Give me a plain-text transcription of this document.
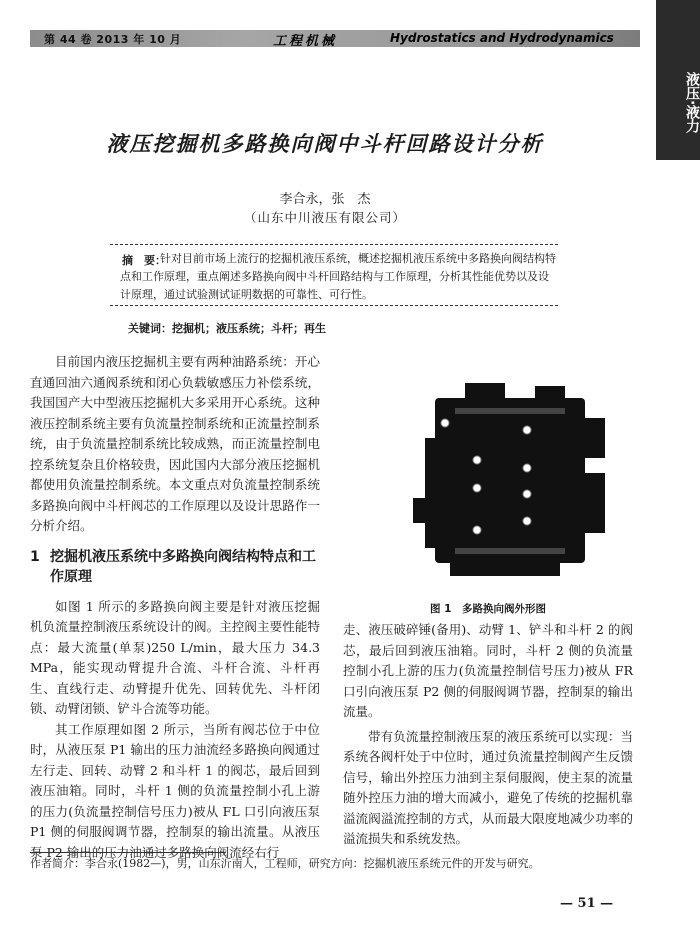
第 44 卷 2013 年 10 月	工程机械	Hydrostatics and Hydrodynamics
液压·液力
液压挖掘机多路换向阀中斗杆回路设计分析
李合永，张　杰
（山东中川液压有限公司）
摘　要：
针对目前市场上流行的挖掘机液压系统，概述挖掘机液压系统中多路换向阀结构特点和工作原理，重点阐述多路换向阀中斗杆回路结构与工作原理，分析其性能优势以及设计原理，通过试验测试证明数据的可靠性、可行性。
关键词：挖掘机；液压系统；斗杆；再生

目前国内液压挖掘机主要有两种油路系统：开心直通回油六通阀系统和闭心负载敏感压力补偿系统，我国国产大中型液压挖掘机大多采用开心系统。这种液压控制系统主要有负流量控制系统和正流量控制系统，由于负流量控制系统比较成熟，而正流量控制电控系统复杂且价格较贵，因此国内大部分液压挖掘机都使用负流量控制系统。本文重点对负流量控制系统多路换向阀中斗杆阀芯的工作原理以及设计思路作一分析介绍。

1 挖掘机液压系统中多路换向阀结构特点和工作原理

如图 1 所示的多路换向阀主要是针对液压挖掘机负流量控制液压系统设计的阀。主控阀主要性能特点：最大流量(单泵)250 L/min，最大压力 34.3 MPa，能实现动臂提升合流、斗杆合流、斗杆再生、直线行走、动臂提升优先、回转优先、斗杆闭锁、动臂闭锁、铲斗合流等功能。

其工作原理如图 2 所示，当所有阀芯位于中位时，从液压泵 P1 输出的压力油流经多路换向阀通过左行走、回转、动臂 2 和斗杆 1 的阀芯，最后回到液压油箱。同时，斗杆 1 侧的负流量控制小孔上游的压力(负流量控制信号压力)被从 FL 口引向液压泵 P1 侧的伺服阀调节器，控制泵的输出流量。从液压泵 P2 输出的压力油通过多路换向阀流经右行

图 1　多路换向阀外形图

走、液压破碎锤(备用)、动臂 1、铲斗和斗杆 2 的阀芯，最后回到液压油箱。同时，斗杆 2 侧的负流量控制小孔上游的压力(负流量控制信号压力)被从 FR 口引向液压泵 P2 侧的伺服阀调节器，控制泵的输出流量。

带有负流量控制液压泵的液压系统可以实现：当系统各阀杆处于中位时，通过负流量控制阀产生反馈信号，输出外控压力油到主泵伺服阀，使主泵的流量随外控压力油的增大而减小，避免了传统的挖掘机靠溢流阀溢流控制的方式，从而最大限度地减少功率的溢流损失和系统发热。

作者简介：李合永(1982—)，男，山东沂南人，工程师，研究方向：挖掘机液压系统元件的开发与研究。
— 51 —
